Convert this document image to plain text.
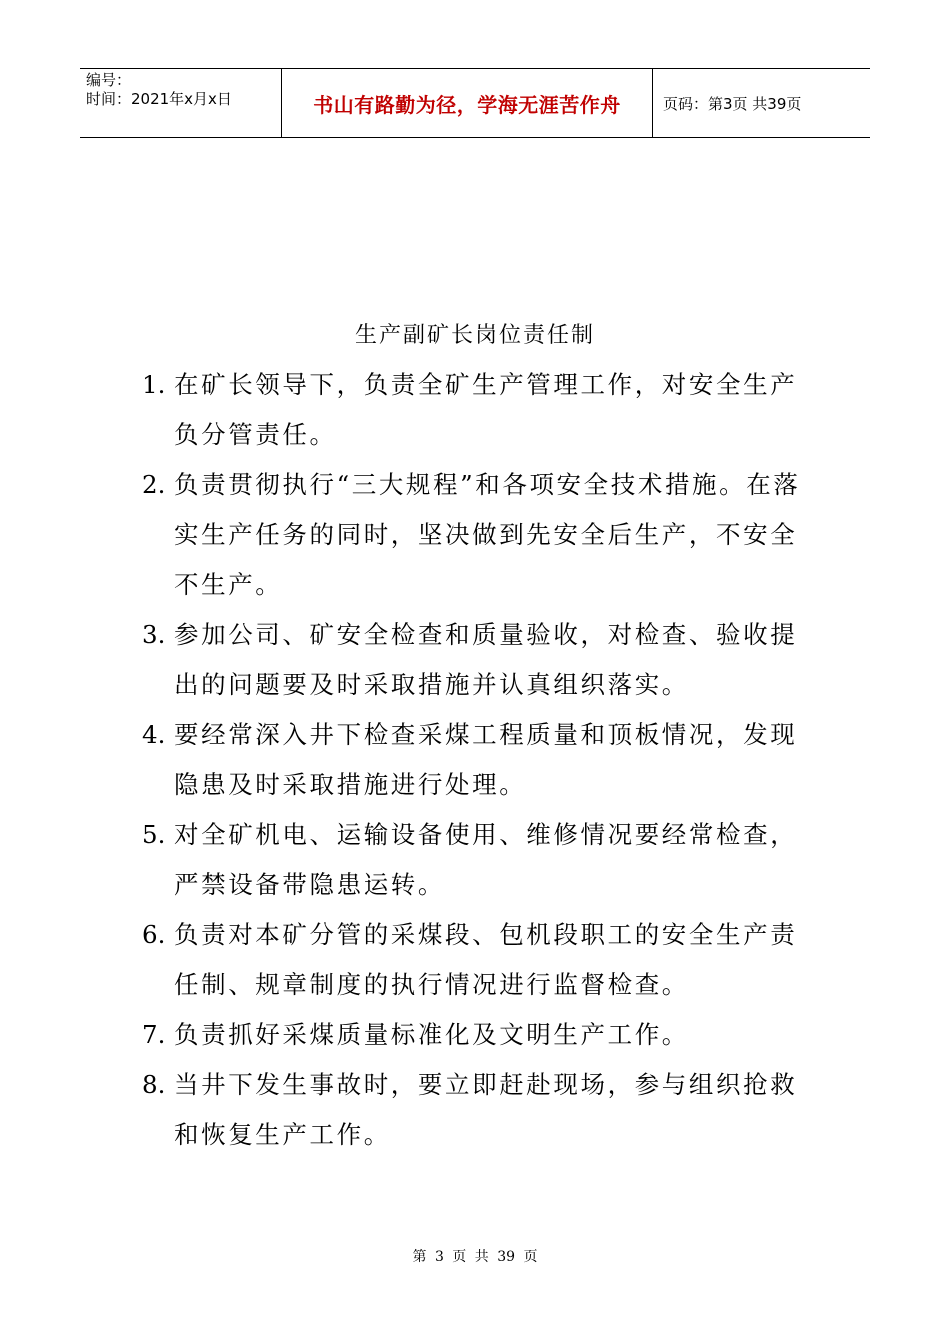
编号：
时间：2021年x月x日	书山有路勤为径，学海无涯苦作舟	页码：第3页 共39页
生产副矿长岗位责任制
1. 在矿长领导下，负责全矿生产管理工作，对安全生产负分管责任。
2. 负责贯彻执行“三大规程”和各项安全技术措施。在落实生产任务的同时，坚决做到先安全后生产，不安全不生产。
3. 参加公司、矿安全检查和质量验收，对检查、验收提出的问题要及时采取措施并认真组织落实。
4. 要经常深入井下检查采煤工程质量和顶板情况，发现隐患及时采取措施进行处理。
5. 对全矿机电、运输设备使用、维修情况要经常检查，严禁设备带隐患运转。
6. 负责对本矿分管的采煤段、包机段职工的安全生产责任制、规章制度的执行情况进行监督检查。
7. 负责抓好采煤质量标准化及文明生产工作。
8. 当井下发生事故时，要立即赶赴现场，参与组织抢救和恢复生产工作。
第 3 页 共 39 页
